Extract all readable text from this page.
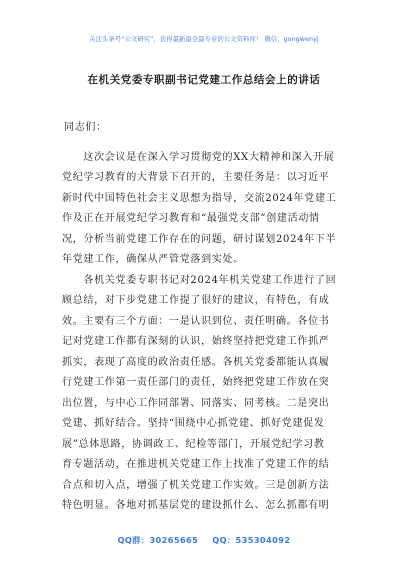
关注头条号“公文研究”，获得最新最全最专业的公文资料库！ 微信：gongwenyj
在机关党委专职副书记党建工作总结会上的讲话
同志们：
　　这次会议是在深入学习贯彻党的XX大精神和深入开展
党纪学习教育的大背景下召开的，主要任务是：以习近平
新时代中国特色社会主义思想为指导，交流2024年党建工
作及正在开展党纪学习教育和“最强党支部”创建活动情
况，分析当前党建工作存在的问题，研讨谋划2024年下半
年党建工作，确保从严管党落到实处。
　　各机关党委专职书记对2024年机关党建工作进行了回
顾总结，对下步党建工作提了很好的建议，有特色，有成
效。主要有三个方面：一是认识到位、责任明确。各位书
记对党建工作都有深刻的认识，始终坚持把党建工作抓严
抓实，表现了高度的政治责任感。各机关党委都能认真履
行党建工作第一责任部门的责任，始终把党建工作放在突
出位置，与中心工作同部署、同落实、同考核。二是突出
党建、抓好结合。坚持“围绕中心抓党建、抓好党建促发
展”总体思路，协调政工、纪检等部门，开展党纪学习教
育专题活动，在推进机关党建工作上找准了党建工作的结
合点和切入点，增强了机关党建工作实效。三是创新方法
特色明显。各地对抓基层党的建设抓什么、怎么抓都有明
QQ群：30265665 QQ：535304092
